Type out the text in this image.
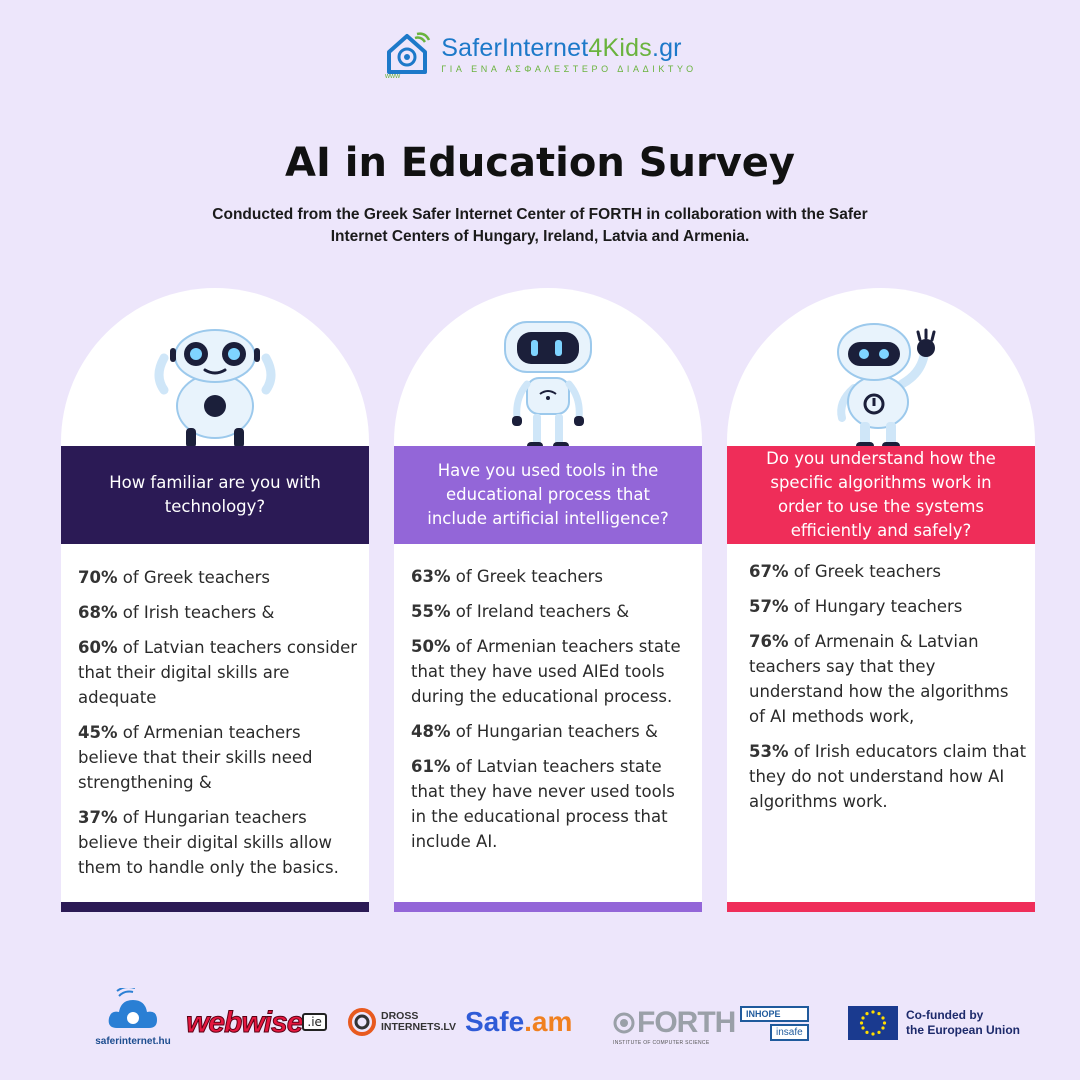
www
SaferInternet4Kids.gr
ΓΙΑ ΕΝΑ ΑΣΦΑΛΕΣΤΕΡΟ ΔΙΑΔΙΚΤΥΟ
AI in Education Survey
Conducted from the Greek Safer Internet Center of FORTH in collaboration with the Safer Internet Centers of Hungary, Ireland, Latvia and Armenia.
How familiar are you with technology?

70% of Greek teachers

68% of Irish teachers &

60% of Latvian teachers consider that their digital skills are adequate

45% of Armenian teachers believe that their skills need strengthening &

37% of Hungarian teachers believe their digital skills allow them to handle only the basics.

Have you used tools in the educational process that include artificial intelligence?

63% of Greek teachers

55% of Ireland teachers &

50% of Armenian teachers state that they have used AIEd tools during the educational process.

48% of Hungarian teachers &

61% of Latvian teachers state that they have never used tools in the educational process that include AI.

Do you understand how the specific algorithms work in order to use the systems efficiently and safely?

67% of Greek teachers

57% of Hungary teachers

76% of Armenain & Latvian teachers say that they understand how the algorithms of AI methods work,

53% of Irish educators claim that they do not understand how AI algorithms work.

saferinternet.hu
webwise .ie	DROSS
INTERNETS.LV Safe.am FORTH
INSTITUTE OF COMPUTER SCIENCE
INHOPE
insafe
Co-funded by
the European Union
